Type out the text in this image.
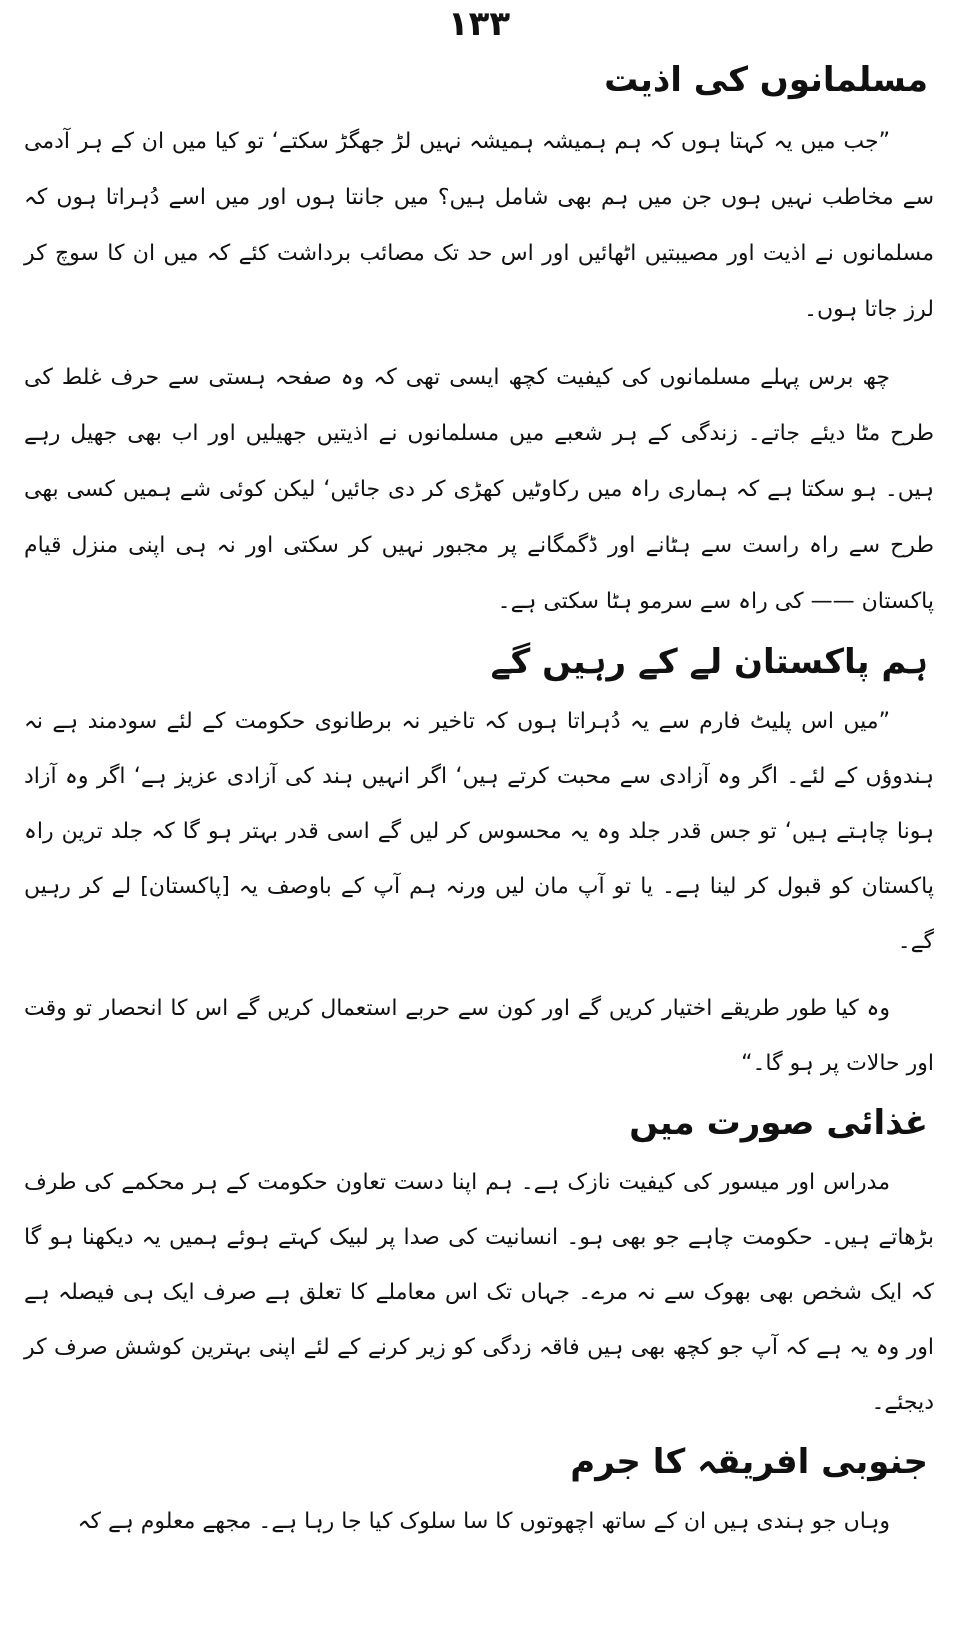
۱۳۳
مسلمانوں کی اذیت

”جب میں یہ کہتا ہوں کہ ہم ہمیشہ ہمیشہ نہیں لڑ جھگڑ سکتے‘ تو کیا میں ان کے ہر آدمی سے مخاطب نہیں ہوں جن میں ہم بھی شامل ہیں؟ میں جانتا ہوں اور میں اسے دُہراتا ہوں کہ مسلمانوں نے اذیت اور مصیبتیں اٹھائیں اور اس حد تک مصائب برداشت کئے کہ میں ان کا سوچ کر لرز جاتا ہوں۔

چھ برس پہلے مسلمانوں کی کیفیت کچھ ایسی تھی کہ وہ صفحہ ہستی سے حرف غلط کی طرح مٹا دیئے جاتے۔ زندگی کے ہر شعبے میں مسلمانوں نے اذیتیں جھیلیں اور اب بھی جھیل رہے ہیں۔ ہو سکتا ہے کہ ہماری راہ میں رکاوٹیں کھڑی کر دی جائیں‘ لیکن کوئی شے ہمیں کسی بھی طرح سے راہ راست سے ہٹانے اور ڈگمگانے پر مجبور نہیں کر سکتی اور نہ ہی اپنی منزل قیام پاکستان —— کی راہ سے سرمو ہٹا سکتی ہے۔

ہم پاکستان لے کے رہیں گے

”میں اس پلیٹ فارم سے یہ دُہراتا ہوں کہ تاخیر نہ برطانوی حکومت کے لئے سودمند ہے نہ ہندوؤں کے لئے۔ اگر وہ آزادی سے محبت کرتے ہیں‘ اگر انہیں ہند کی آزادی عزیز ہے‘ اگر وہ آزاد ہونا چاہتے ہیں‘ تو جس قدر جلد وہ یہ محسوس کر لیں گے اسی قدر بہتر ہو گا کہ جلد ترین راہ پاکستان کو قبول کر لینا ہے۔ یا تو آپ مان لیں ورنہ ہم آپ کے باوصف یہ [پاکستان] لے کر رہیں گے۔

وہ کیا طور طریقے اختیار کریں گے اور کون سے حربے استعمال کریں گے اس کا انحصار تو وقت اور حالات پر ہو گا۔“

غذائی صورت میں

مدراس اور میسور کی کیفیت نازک ہے۔ ہم اپنا دست تعاون حکومت کے ہر محکمے کی طرف بڑھاتے ہیں۔ حکومت چاہے جو بھی ہو۔ انسانیت کی صدا پر لبیک کہتے ہوئے ہمیں یہ دیکھنا ہو گا کہ ایک شخص بھی بھوک سے نہ مرے۔ جہاں تک اس معاملے کا تعلق ہے صرف ایک ہی فیصلہ ہے اور وہ یہ ہے کہ آپ جو کچھ بھی ہیں فاقہ زدگی کو زیر کرنے کے لئے اپنی بہترین کوشش صرف کر دیجئے۔

جنوبی افریقہ کا جرم

وہاں جو ہندی ہیں ان کے ساتھ اچھوتوں کا سا سلوک کیا جا رہا ہے۔ مجھے معلوم ہے کہ
